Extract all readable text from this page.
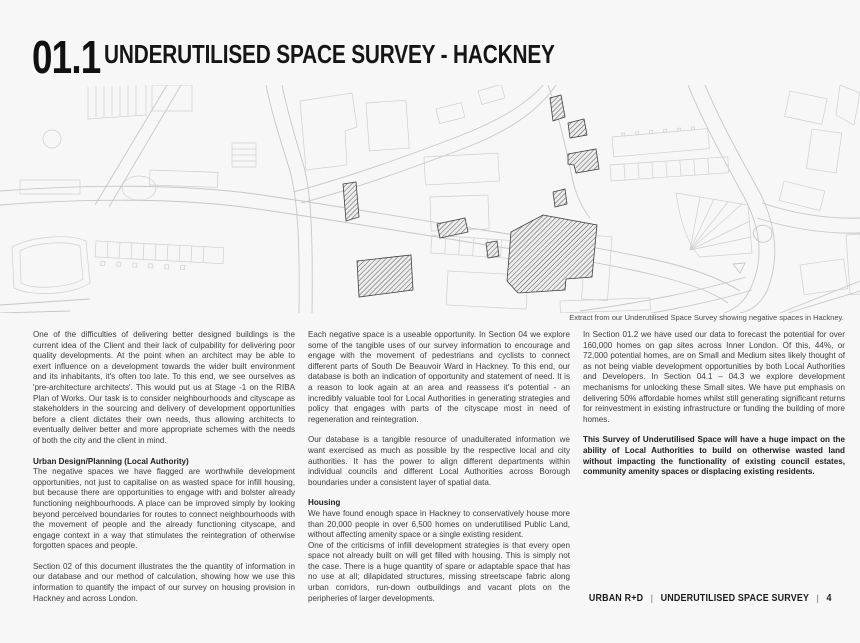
01.1 UNDERUTILISED SPACE SURVEY - HACKNEY
Extract from our Underutilised Space Survey showing negative spaces in Hackney.

One of the difficulties of delivering better designed buildings is the current idea of the Client and their lack of culpability for delivering poor quality developments. At the point when an architect may be able to exert influence on a development towards the wider built environment and its inhabitants, it's often too late. To this end, we see ourselves as 'pre-architecture architects'. This would put us at Stage -1 on the RIBA Plan of Works. Our task is to consider neighbourhoods and cityscape as stakeholders in the sourcing and delivery of development opportunities before a client dictates their own needs, thus allowing architects to eventually deliver better and more appropriate schemes with the needs of both the city and the client in mind.

Urban Design/Planning (Local Authority)

The negative spaces we have flagged are worthwhile development opportunities, not just to capitalise on as wasted space for infill housing, but because there are opportunities to engage with and bolster already functioning neighbourhoods. A place can be improved simply by looking beyond perceived boundaries for routes to connect neighbourhoods with the movement of people and the already functioning cityscape, and engage context in a way that stimulates the reintegration of otherwise forgotten spaces and people.

Section 02 of this document illustrates the the quantity of information in our database and our method of calculation, showing how we use this information to quantify the impact of our survey on housing provision in Hackney and across London.

Each negative space is a useable opportunity. In Section 04 we explore some of the tangible uses of our survey information to encourage and engage with the movement of pedestrians and cyclists to connect different parts of South De Beauvoir Ward in Hackney. To this end, our database is both an indication of opportunity and statement of need. It is a reason to look again at an area and reassess it's potential - an incredibly valuable tool for Local Authorities in generating strategies and policy that engages with parts of the cityscape most in need of regeneration and reintegration.

Our database is a tangible resource of unadulterated information we want exercised as much as possible by the respective local and city authorities. It has the power to align different departments within individual councils and different Local Authorities across Borough boundaries under a consistent layer of spatial data.

Housing

We have found enough space in Hackney to conservatively house more than 20,000 people in over 6,500 homes on underutilised Public Land, without affecting amenity space or a single existing resident.

One of the criticisms of infill development strategies is that every open space not already built on will get filled with housing. This is simply not the case. There is a huge quantity of spare or adaptable space that has no use at all; dilapidated structures, missing streetscape fabric along urban corridors, run-down outbuildings and vacant plots on the peripheries of larger developments.

In Section 01.2 we have used our data to forecast the potential for over 160,000 homes on gap sites across Inner London. Of this, 44%, or 72,000 potential homes, are on Small and Medium sites likely thought of as not being viable development opportunities by both Local Authorities and Developers. In Section 04.1 – 04.3 we explore development mechanisms for unlocking these Small sites. We have put emphasis on delivering 50% affordable homes whilst still generating significant returns for reinvestment in existing infrastructure or funding the building of more homes.

This Survey of Underutilised Space will have a huge impact on the ability of Local Authorities to build on otherwise wasted land without impacting the functionality of existing council estates, community amenity spaces or displacing existing residents.

URBAN R+D | UNDERUTILISED SPACE SURVEY | 4
